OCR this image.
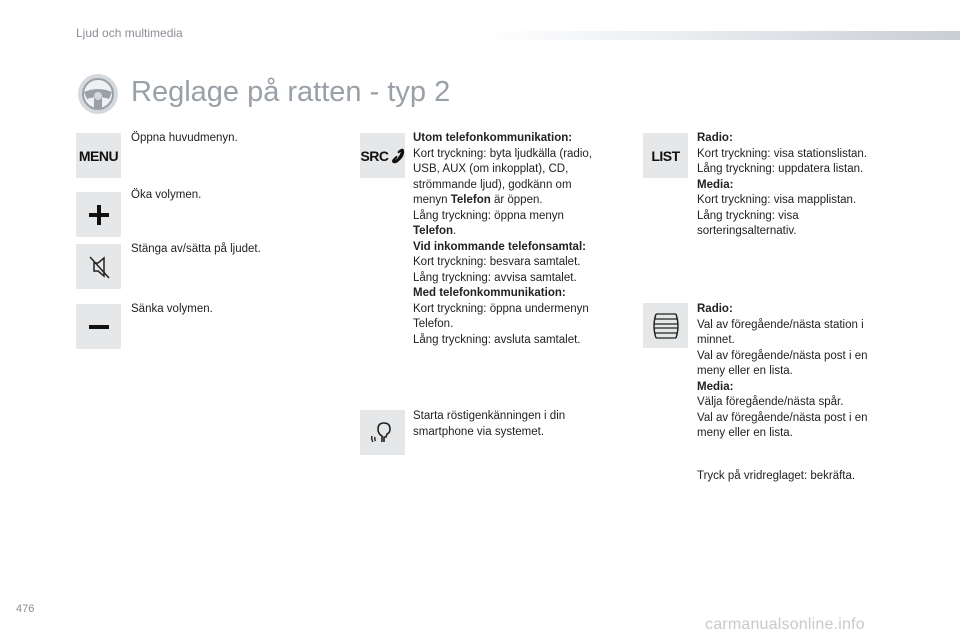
Ljud och multimedia
Reglage på ratten - typ 2
MENU
Öppna huvudmenyn.
Öka volymen.
Stänga av/sätta på ljudet.
Sänka volymen.
SRC

Utom telefonkommunikation:

Kort tryckning: byta ljudkälla (radio,

USB, AUX (om inkopplat), CD,

strömmande ljud), godkänn om

menyn Telefon är öppen.

Lång tryckning: öppna menyn

Telefon.

Vid inkommande telefonsamtal:

Kort tryckning: besvara samtalet.

Lång tryckning: avvisa samtalet.

Med telefonkommunikation:

Kort tryckning: öppna undermenyn

Telefon.

Lång tryckning: avsluta samtalet.

Starta röstigenkänningen i din

smartphone via systemet.

LIST

Radio:

Kort tryckning: visa stationslistan.

Lång tryckning: uppdatera listan.

Media:

Kort tryckning: visa mapplistan.

Lång tryckning: visa

sorteringsalternativ.

Radio:

Val av föregående/nästa station i

minnet.

Val av föregående/nästa post i en

meny eller en lista.

Media:

Välja föregående/nästa spår.

Val av föregående/nästa post i en

meny eller en lista.

Tryck på vridreglaget: bekräfta.
476
carmanualsonline.info
